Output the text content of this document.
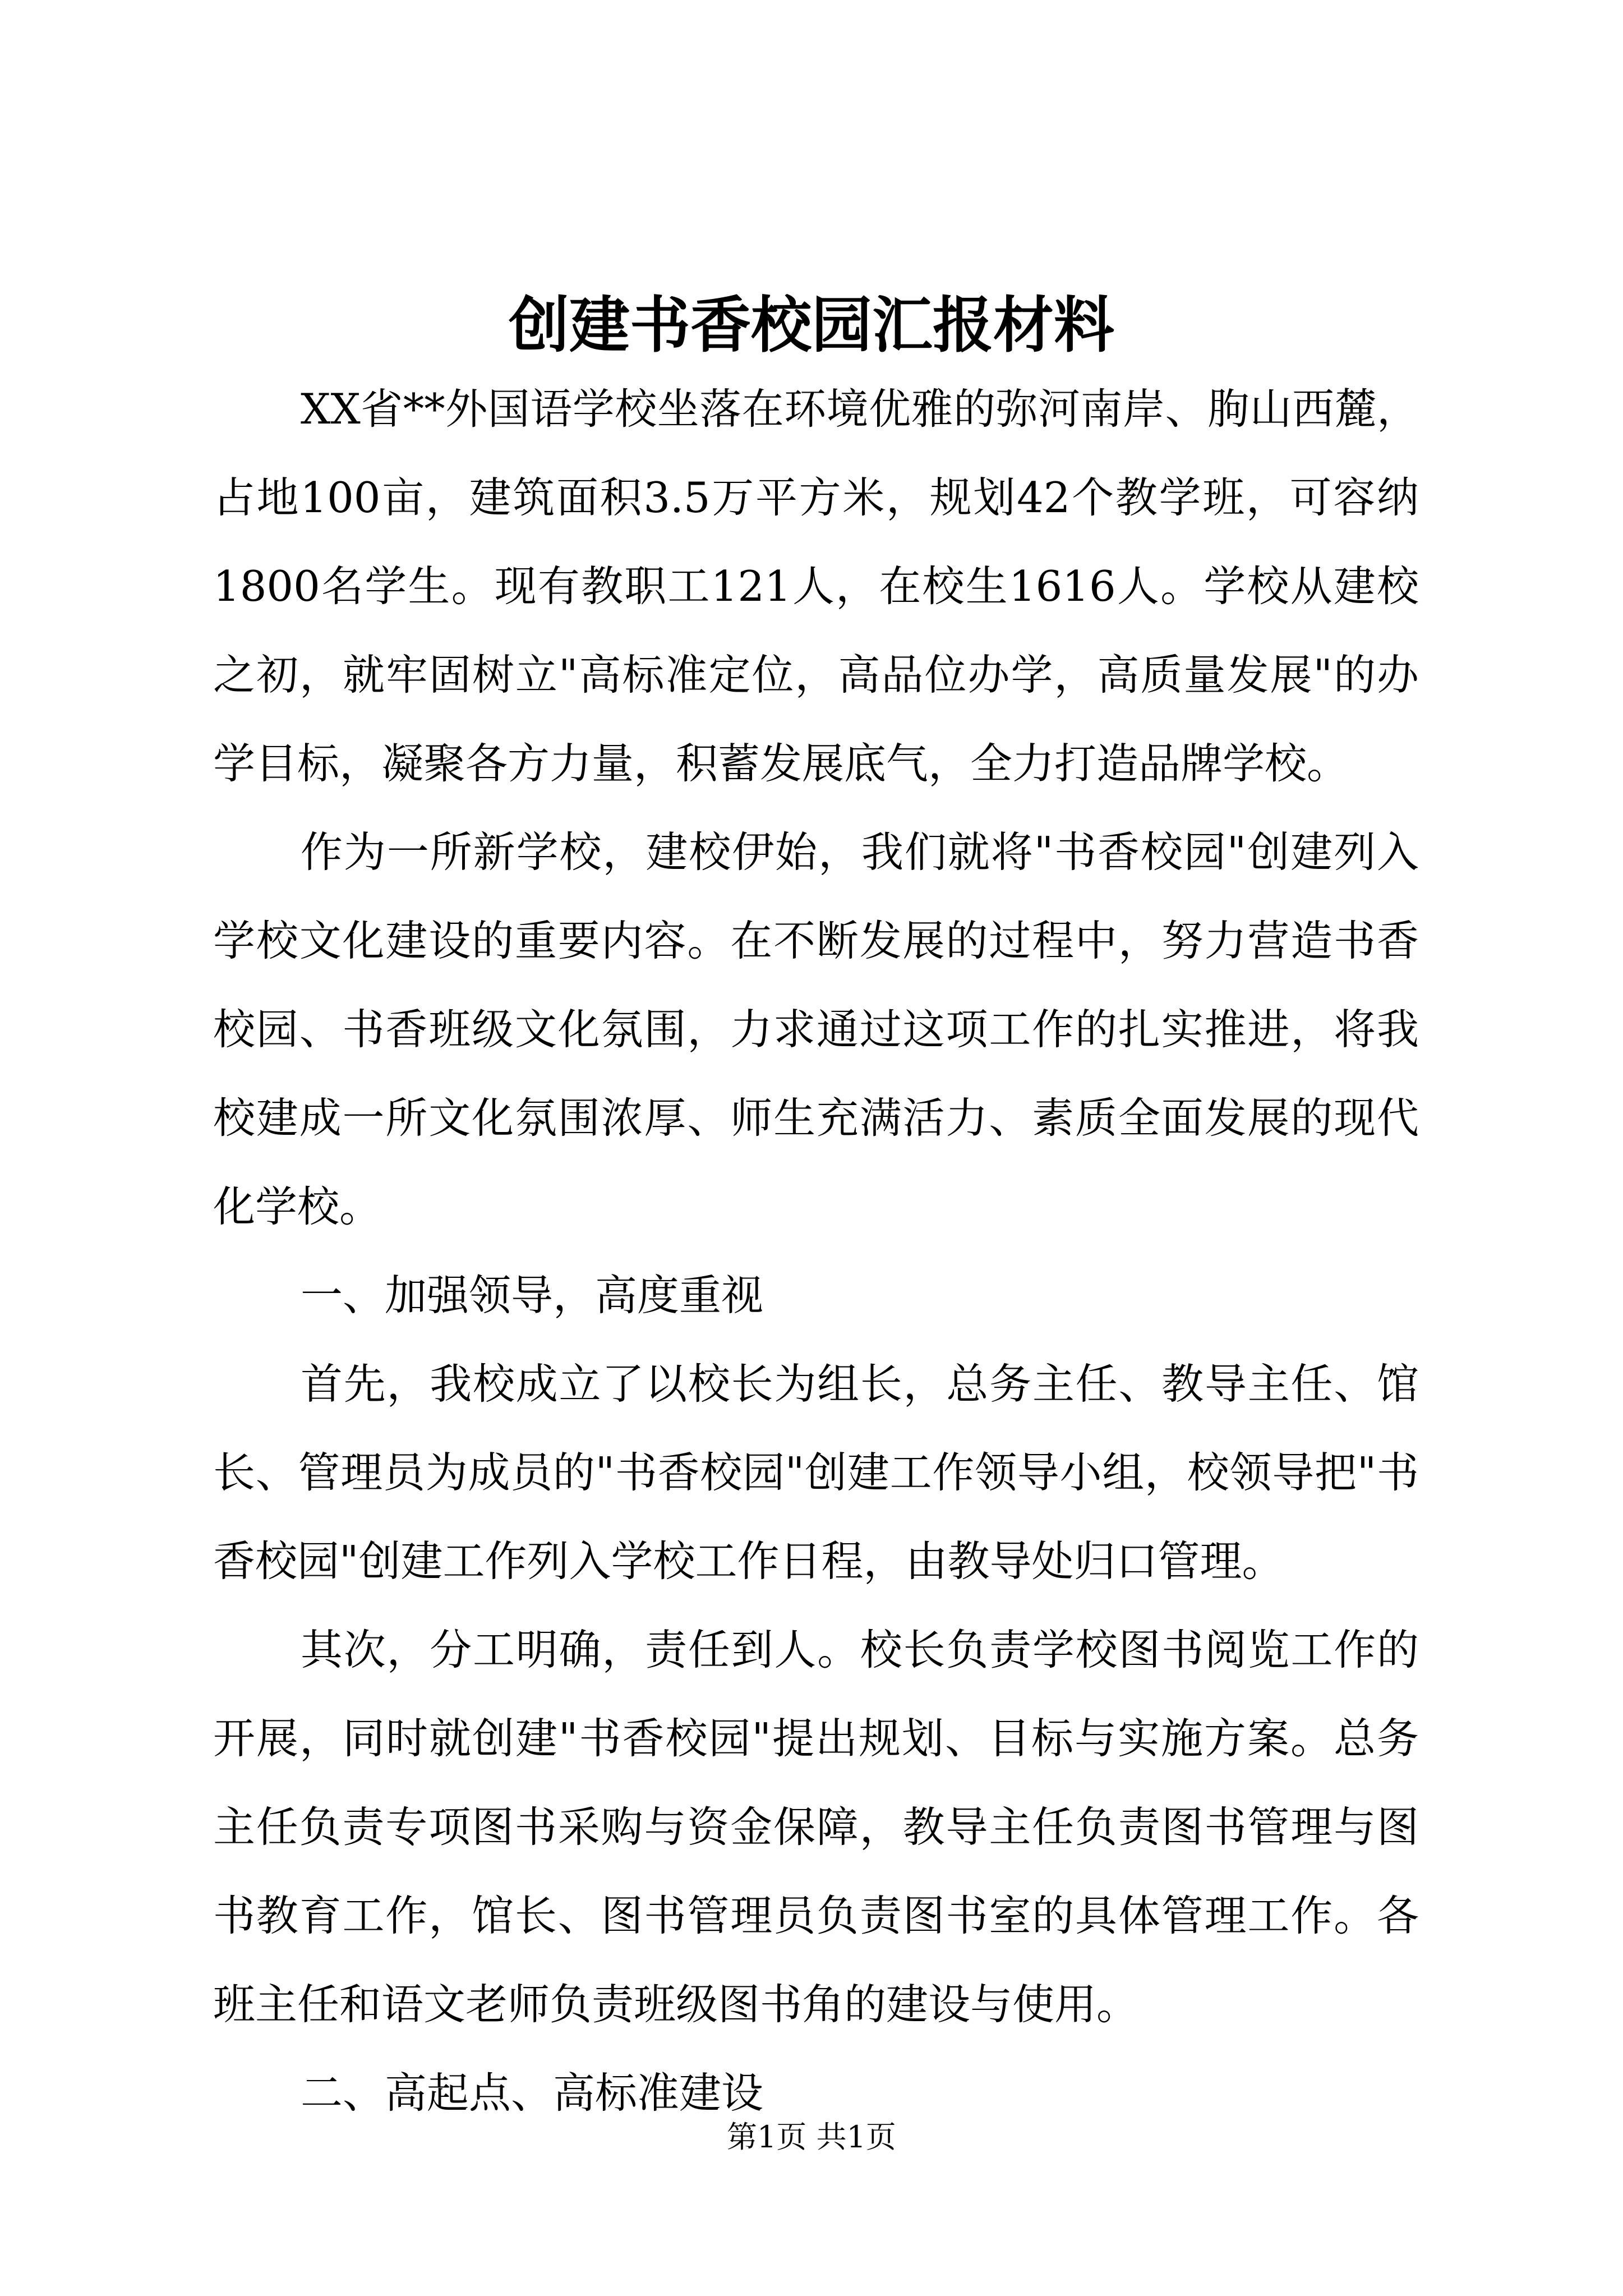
创建书香校园汇报材料

XX省**外国语学校坐落在环境优雅的弥河南岸、朐山西麓，占地100亩，建筑面积3.5万平方米，规划42个教学班，可容纳1800名学生。现有教职工121人，在校生1616人。学校从建校之初，就牢固树立"高标准定位，高品位办学，高质量发展"的办学目标，凝聚各方力量，积蓄发展底气，全力打造品牌学校。

作为一所新学校，建校伊始，我们就将"书香校园"创建列入学校文化建设的重要内容。在不断发展的过程中，努力营造书香校园、书香班级文化氛围，力求通过这项工作的扎实推进，将我校建成一所文化氛围浓厚、师生充满活力、素质全面发展的现代化学校。

一、加强领导，高度重视

首先，我校成立了以校长为组长，总务主任、教导主任、馆长、管理员为成员的"书香校园"创建工作领导小组，校领导把"书香校园"创建工作列入学校工作日程，由教导处归口管理。

其次，分工明确，责任到人。校长负责学校图书阅览工作的开展，同时就创建"书香校园"提出规划、目标与实施方案。总务主任负责专项图书采购与资金保障，教导主任负责图书管理与图书教育工作，馆长、图书管理员负责图书室的具体管理工作。各班主任和语文老师负责班级图书角的建设与使用。

二、高起点、高标准建设

第1页 共1页
